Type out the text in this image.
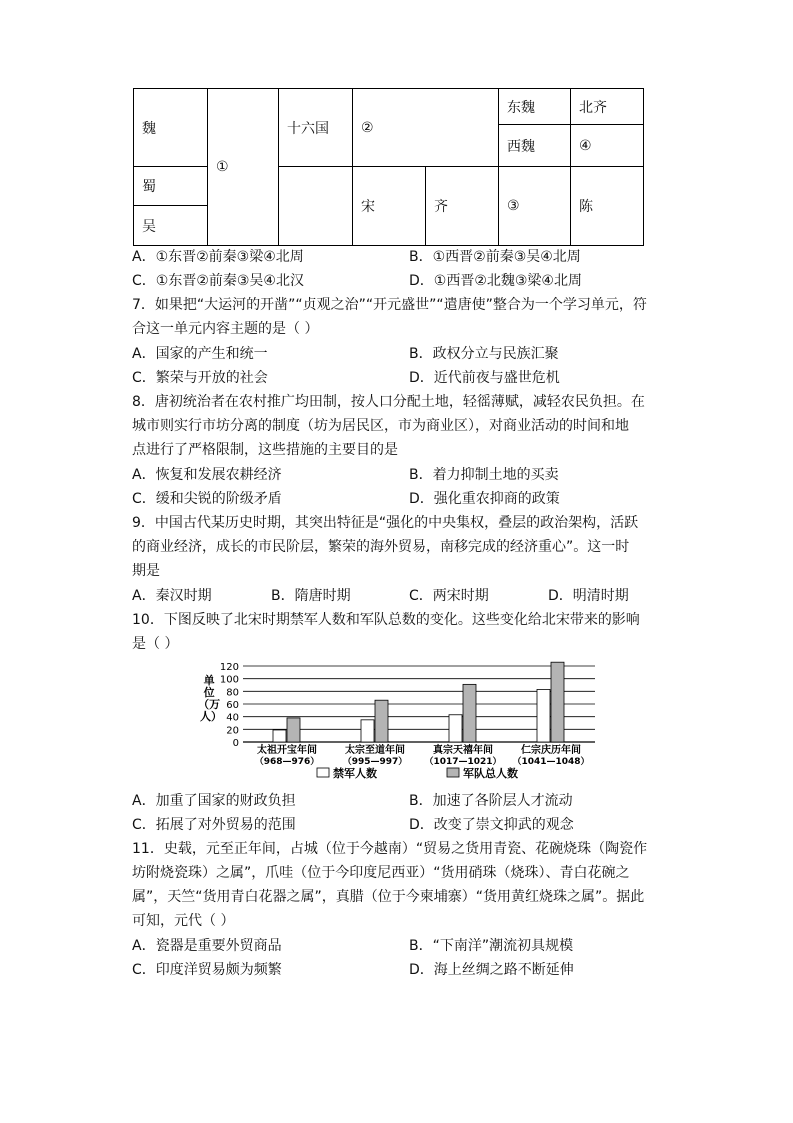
魏	①	十六国	②		东魏	北齐
					西魏	④
蜀			宋	齐	③	陈
吴						
A．①东晋②前秦③梁④北周	B．①西晋②前秦③吴④北周
C．①东晋②前秦③吴④北汉	D．①西晋②北魏③梁④北周
7．如果把“大运河的开凿”“贞观之治”“开元盛世”“遣唐使”整合为一个学习单元，符
合这一单元内容主题的是（ ）
A．国家的产生和统一	B．政权分立与民族汇聚
C．繁荣与开放的社会	D．近代前夜与盛世危机
8．唐初统治者在农村推广均田制，按人口分配土地，轻徭薄赋，减轻农民负担。在
城市则实行市坊分离的制度（坊为居民区，市为商业区），对商业活动的时间和地
点进行了严格限制，这些措施的主要目的是
A．恢复和发展农耕经济	B．着力抑制土地的买卖
C．缓和尖锐的阶级矛盾	D．强化重农抑商的政策
9．中国古代某历史时期，其突出特征是“强化的中央集权，叠层的政治架构，活跃
的商业经济，成长的市民阶层，繁荣的海外贸易，南移完成的经济重心”。这一时
期是
A．秦汉时期	B．隋唐时期	C．两宋时期	D．明清时期
10．下图反映了北宋时期禁军人数和军队总数的变化。这些变化给北宋带来的影响
是（ ）
0
20
40
60
80
100
120
单 位 （万 人）
太祖开宝年间
（968—976）
太宗至道年间
（995—997）
真宗天禧年间
（1017—1021）
仁宗庆历年间
（1041—1048）
禁军人数	军队总人数
A．加重了国家的财政负担	B．加速了各阶层人才流动
C．拓展了对外贸易的范围	D．改变了崇文抑武的观念
11．史载，元至正年间，占城（位于今越南）“贸易之货用青瓷、花碗烧珠（陶瓷作
坊附烧瓷珠）之属”，爪哇（位于今印度尼西亚）“货用硝珠（烧珠）、青白花碗之
属”，天竺“货用青白花器之属”，真腊（位于今柬埔寨）“货用黄红烧珠之属”。据此
可知，元代（ ）
A．瓷器是重要外贸商品	B．“下南洋”潮流初具规模
C．印度洋贸易颇为频繁	D．海上丝绸之路不断延伸
